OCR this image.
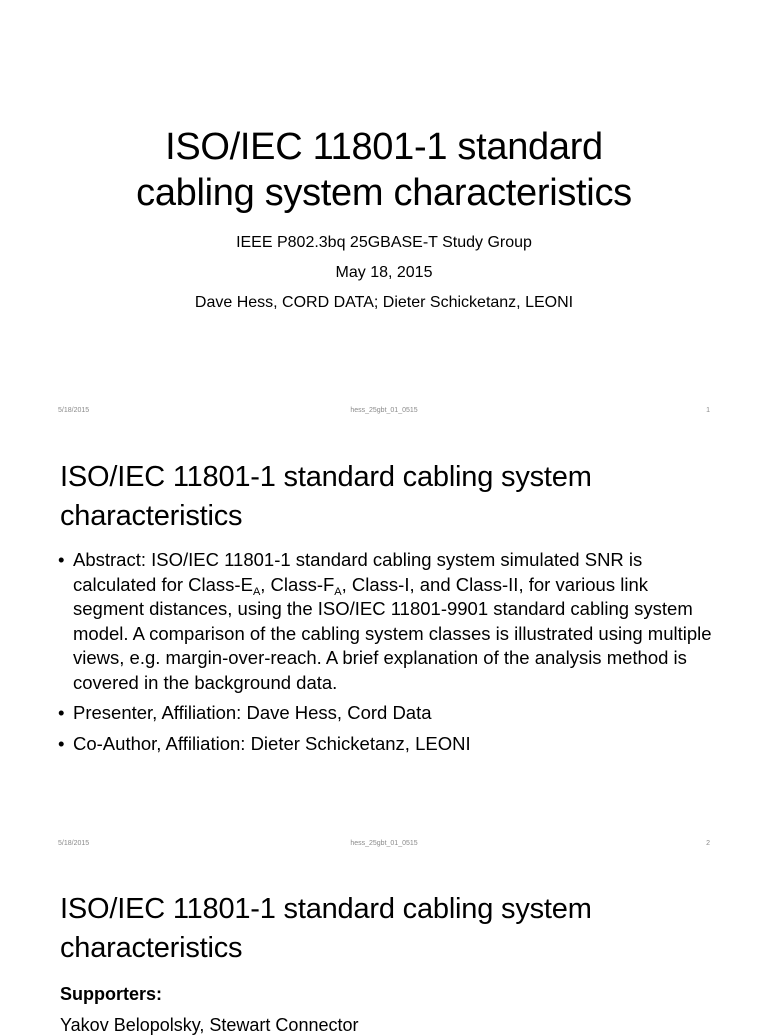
ISO/IEC 11801-1 standard
cabling system characteristics
IEEE P802.3bq 25GBASE-T Study Group
May 18, 2015
Dave Hess, CORD DATA; Dieter Schicketanz, LEONI
5/18/2015	hess_25gbt_01_0515	1
ISO/IEC 11801-1 standard cabling system
characteristics
• Abstract: ISO/IEC 11801-1 standard cabling system simulated SNR is calculated for Class-$E_A$, Class-$F_A$, Class-I, and Class-II, for various link segment distances, using the ISO/IEC 11801-9901 standard cabling system model. A comparison of the cabling system classes is illustrated using multiple views, e.g. margin-over-reach. A brief explanation of the analysis method is covered in the background data.
• Presenter, Affiliation: Dave Hess, Cord Data
• Co-Author, Affiliation: Dieter Schicketanz, LEONI
5/18/2015	hess_25gbt_01_0515	2
ISO/IEC 11801-1 standard cabling system
characteristics
Supporters:
Yakov Belopolsky, Stewart Connector
